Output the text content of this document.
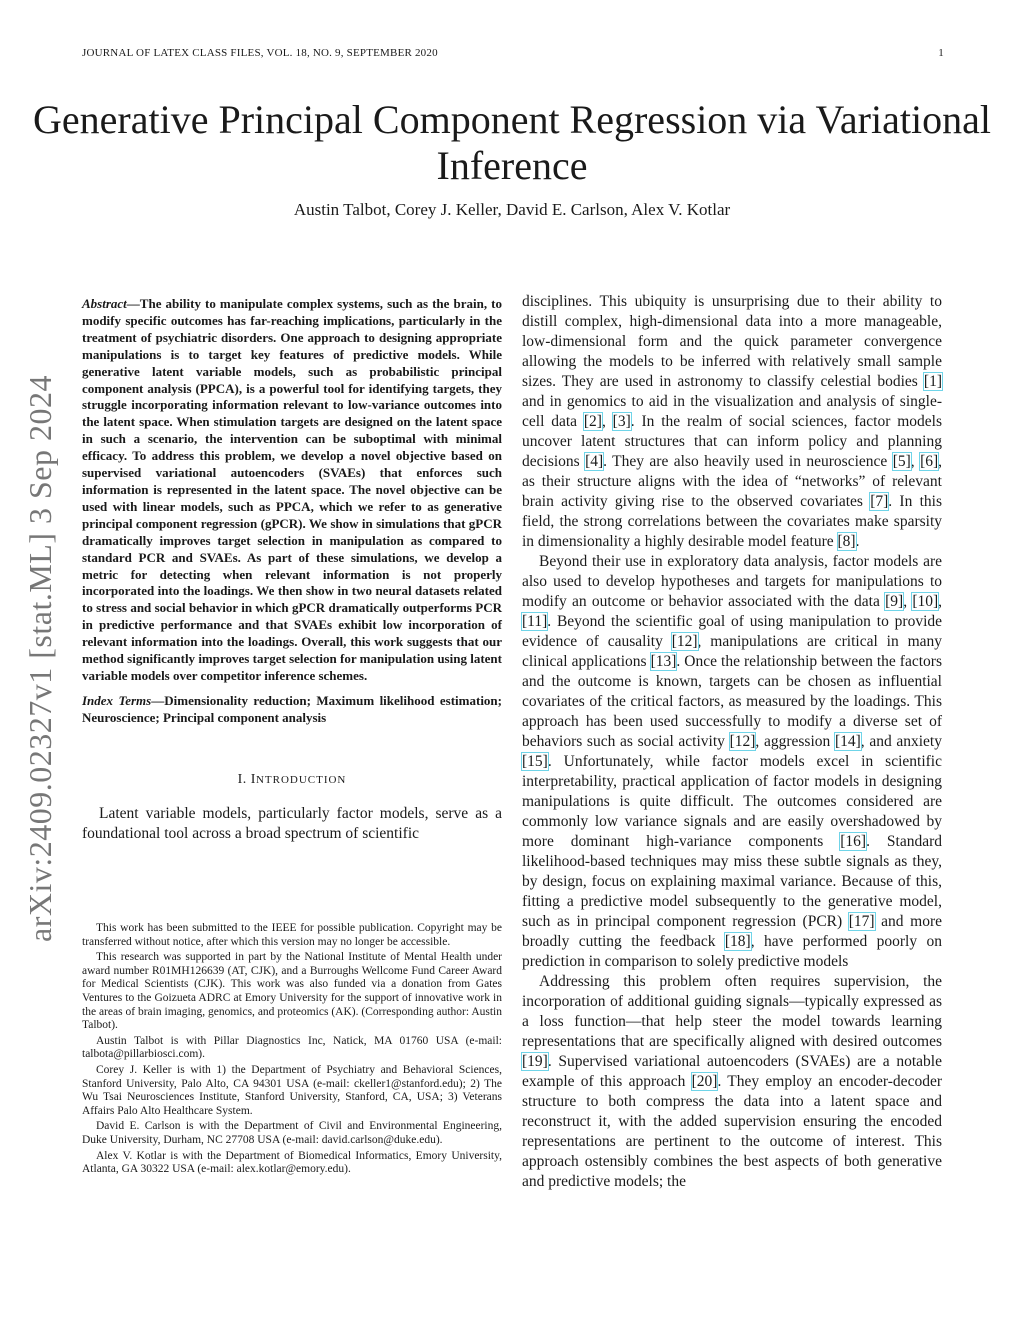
JOURNAL OF LATEX CLASS FILES, VOL. 18, NO. 9, SEPTEMBER 2020	1
Generative Principal Component Regression via Variational Inference
Austin Talbot, Corey J. Keller, David E. Carlson, Alex V. Kotlar
arXiv:2409.02327v1 [stat.ML] 3 Sep 2024

Abstract—The ability to manipulate complex systems, such as the brain, to modify specific outcomes has far-reaching implications, particularly in the treatment of psychiatric disorders. One approach to designing appropriate manipulations is to target key features of predictive models. While generative latent variable models, such as probabilistic principal component analysis (PPCA), is a powerful tool for identifying targets, they struggle incorporating information relevant to low-variance outcomes into the latent space. When stimulation targets are designed on the latent space in such a scenario, the intervention can be suboptimal with minimal efficacy. To address this problem, we develop a novel objective based on supervised variational autoencoders (SVAEs) that enforces such information is represented in the latent space. The novel objective can be used with linear models, such as PPCA, which we refer to as generative principal component regression (gPCR). We show in simulations that gPCR dramatically improves target selection in manipulation as compared to standard PCR and SVAEs. As part of these simulations, we develop a metric for detecting when relevant information is not properly incorporated into the loadings. We then show in two neural datasets related to stress and social behavior in which gPCR dramatically outperforms PCR in predictive performance and that SVAEs exhibit low incorporation of relevant information into the loadings. Overall, this work suggests that our method significantly improves target selection for manipulation using latent variable models over competitor inference schemes.

Index Terms—Dimensionality reduction; Maximum likelihood estimation; Neuroscience; Principal component analysis

I. INTRODUCTION

Latent variable models, particularly factor models, serve as a foundational tool across a broad spectrum of scientific

This work has been submitted to the IEEE for possible publication. Copyright may be transferred without notice, after which this version may no longer be accessible.

This research was supported in part by the National Institute of Mental Health under award number R01MH126639 (AT, CJK), and a Burroughs Wellcome Fund Career Award for Medical Scientists (CJK). This work was also funded via a donation from Gates Ventures to the Goizueta ADRC at Emory University for the support of innovative work in the areas of brain imaging, genomics, and proteomics (AK). (Corresponding author: Austin Talbot).

Austin Talbot is with Pillar Diagnostics Inc, Natick, MA 01760 USA (e-mail: talbota@pillarbiosci.com).

Corey J. Keller is with 1) the Department of Psychiatry and Behavioral Sciences, Stanford University, Palo Alto, CA 94301 USA (e-mail: ckeller1@stanford.edu); 2) The Wu Tsai Neurosciences Institute, Stanford University, Stanford, CA, USA; 3) Veterans Affairs Palo Alto Healthcare System.

David E. Carlson is with the Department of Civil and Environmental Engineering, Duke University, Durham, NC 27708 USA (e-mail: david.carlson@duke.edu).

Alex V. Kotlar is with the Department of Biomedical Informatics, Emory University, Atlanta, GA 30322 USA (e-mail: alex.kotlar@emory.edu).

disciplines. This ubiquity is unsurprising due to their ability to distill complex, high-dimensional data into a more manageable, low-dimensional form and the quick parameter convergence allowing the models to be inferred with relatively small sample sizes. They are used in astronomy to classify celestial bodies [1] and in genomics to aid in the visualization and analysis of single-cell data [2], [3]. In the realm of social sciences, factor models uncover latent structures that can inform policy and planning decisions [4]. They are also heavily used in neuroscience [5], [6], as their structure aligns with the idea of “networks” of relevant brain activity giving rise to the observed covariates [7]. In this field, the strong correlations between the covariates make sparsity in dimensionality a highly desirable model feature [8].

Beyond their use in exploratory data analysis, factor models are also used to develop hypotheses and targets for manipulations to modify an outcome or behavior associated with the data [9], [10], [11]. Beyond the scientific goal of using manipulation to provide evidence of causality [12], manipulations are critical in many clinical applications [13]. Once the relationship between the factors and the outcome is known, targets can be chosen as influential covariates of the critical factors, as measured by the loadings. This approach has been used successfully to modify a diverse set of behaviors such as social activity [12], aggression [14], and anxiety [15]. Unfortunately, while factor models excel in scientific interpretability, practical application of factor models in designing manipulations is quite difficult. The outcomes considered are commonly low variance signals and are easily overshadowed by more dominant high-variance components [16]. Standard likelihood-based techniques may miss these subtle signals as they, by design, focus on explaining maximal variance. Because of this, fitting a predictive model subsequently to the generative model, such as in principal component regression (PCR) [17] and more broadly cutting the feedback [18], have performed poorly on prediction in comparison to solely predictive models

Addressing this problem often requires supervision, the incorporation of additional guiding signals—typically expressed as a loss function—that help steer the model towards learning representations that are specifically aligned with desired outcomes [19]. Supervised variational autoencoders (SVAEs) are a notable example of this approach [20]. They employ an encoder-decoder structure to both compress the data into a latent space and reconstruct it, with the added supervision ensuring the encoded representations are pertinent to the outcome of interest. This approach ostensibly combines the best aspects of both generative and predictive models; the
